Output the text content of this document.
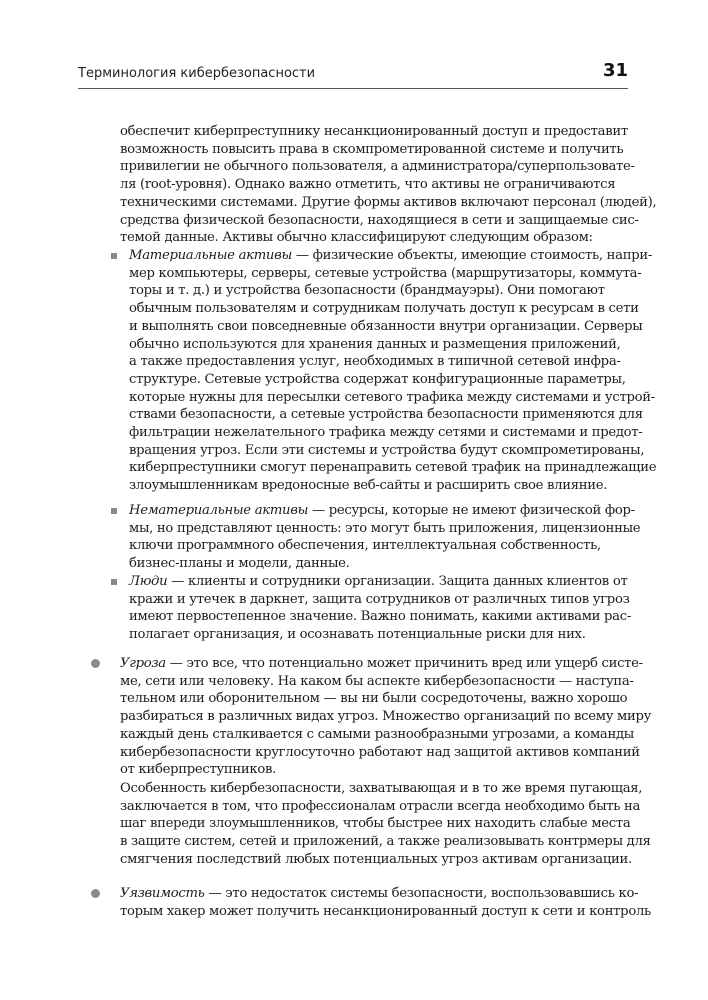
Терминология кибербезопасности	31
обеспечит киберпреступнику несанкционированный доступ и предоставит
возможность повысить права в скомпрометированной системе и получить
привилегии не обычного пользователя, а администратора/суперпользовате-
ля (root-уровня). Однако важно отметить, что активы не ограничиваются
техническими системами. Другие формы активов включают персонал (людей),
средства физической безопасности, находящиеся в сети и защищаемые сис-
темой данные. Активы обычно классифицируют следующим образом:
Материальные активы — физические объекты, имеющие стоимость, напри-
мер компьютеры, серверы, сетевые устройства (маршрутизаторы, коммута-
торы и т. д.) и устройства безопасности (брандмауэры). Они помогают
обычным пользователям и сотрудникам получать доступ к ресурсам в сети
и выполнять свои повседневные обязанности внутри организации. Серверы
обычно используются для хранения данных и размещения приложений,
а также предоставления услуг, необходимых в типичной сетевой инфра-
структуре. Сетевые устройства содержат конфигурационные параметры,
которые нужны для пересылки сетевого трафика между системами и устрой-
ствами безопасности, а сетевые устройства безопасности применяются для
фильтрации нежелательного трафика между сетями и системами и предот-
вращения угроз. Если эти системы и устройства будут скомпрометированы,
киберпреступники смогут перенаправить сетевой трафик на принадлежащие
злоумышленникам вредоносные веб-сайты и расширить свое влияние.
Нематериальные активы — ресурсы, которые не имеют физической фор-
мы, но представляют ценность: это могут быть приложения, лицензионные
ключи программного обеспечения, интеллектуальная собственность,
бизнес-планы и модели, данные.
Люди — клиенты и сотрудники организации. Защита данных клиентов от
кражи и утечек в даркнет, защита сотрудников от различных типов угроз
имеют первостепенное значение. Важно понимать, какими активами рас-
полагает организация, и осознавать потенциальные риски для них.
Угроза — это все, что потенциально может причинить вред или ущерб систе-
ме, сети или человеку. На каком бы аспекте кибербезопасности — наступа-
тельном или оборонительном — вы ни были сосредоточены, важно хорошо
разбираться в различных видах угроз. Множество организаций по всему миру
каждый день сталкивается с самыми разнообразными угрозами, а команды
кибербезопасности круглосуточно работают над защитой активов компаний
от киберпреступников.
Особенность кибербезопасности, захватывающая и в то же время пугающая,
заключается в том, что профессионалам отрасли всегда необходимо быть на
шаг впереди злоумышленников, чтобы быстрее них находить слабые места
в защите систем, сетей и приложений, а также реализовывать контрмеры для
смягчения последствий любых потенциальных угроз активам организации.
Уязвимость — это недостаток системы безопасности, воспользовавшись ко-
торым хакер может получить несанкционированный доступ к сети и контроль
